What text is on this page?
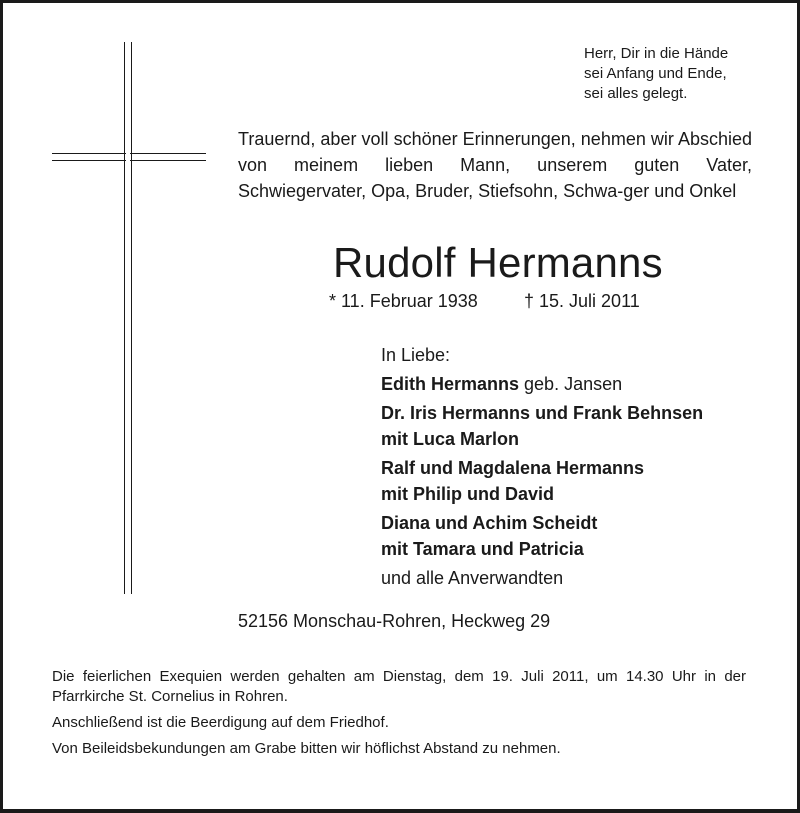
Herr, Dir in die Hände
sei Anfang und Ende,
sei alles gelegt.
Trauernd, aber voll schöner Erinnerungen, nehmen wir Abschied von meinem lieben Mann, unserem guten Vater, Schwiegervater, Opa, Bruder, Stiefsohn, Schwa-ger und Onkel
Rudolf Hermanns
* 11. Februar 1938	† 15. Juli 2011
In Liebe:
Edith Hermanns geb. Jansen
Dr. Iris Hermanns und Frank Behnsen
mit Luca Marlon
Ralf und Magdalena Hermanns
mit Philip und David
Diana und Achim Scheidt
mit Tamara und Patricia
und alle Anverwandten
52156 Monschau-Rohren, Heckweg 29
Die feierlichen Exequien werden gehalten am Dienstag, dem 19. Juli 2011, um 14.30 Uhr in der Pfarrkirche St. Cornelius in Rohren.
Anschließend ist die Beerdigung auf dem Friedhof.
Von Beileidsbekundungen am Grabe bitten wir höflichst Abstand zu nehmen.
